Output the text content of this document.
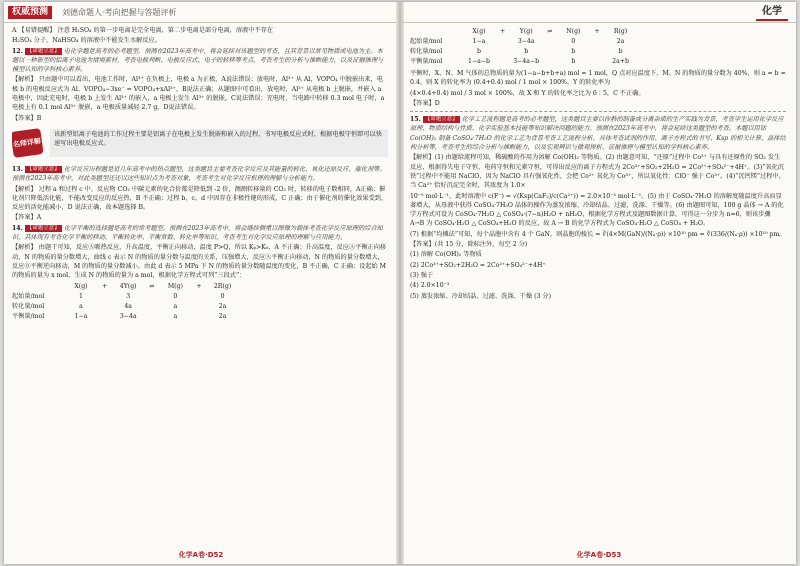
权威预测	刘德命题人·考向把握与答题评析

A 【易错提醒】 注意 H₂SO₄ 的第一步电离是完全电离，第二步电离是部分电离，溶液中不存在

H₂SO₄ 分子，NaHSO₄ 的溶液中不能发生水解反应。

12. 【命题立意】 电化学题是高考的必考题型。预测在2023年高考中，将会延续对该题型的考查，且其背景以常见物质或电池为主。本题以一种新型的铝离子电池为情境素材，考查电极判断、电极反应式、电子的转移等考点，考查考生的分析与推断能力，以及证据推理与模型认知的学科核心素养。

【解析】 只由题中可以看出，电池工作时，Al³⁺ 在负极上，电极 a 为正极，A说法错误；放电时，Al³⁺ 从 Al、VOPO₄ 中脱嵌出来，电极 b 的电极反应式为 Al、VOPO₄−3xe⁻ = VOPO₄+xAl³⁺，B说法正确；从题图中可看出，放电时，Al³⁺ 从电极 b 上脱嵌，并嵌入 a 电极中，因此充电时，电极 b 上发生 Al³⁺ 的嵌入，a 电极上发生 Al³⁺ 的脱嵌，C说法错误；充电时，当电路中转移 0.3 mol 电子时，a 电极上有 0.1 mol Al³⁺ 脱嵌，a 电极质量减轻 2.7 g，D说法错误。

【答案】B

名师详解
该新型铝离子电池的工作过程主要是铝离子在电极上发生脱嵌和嵌入的过程，书写电极反应式时，根据电极守恒即可以快速写出电极反应式。

13. 【命题立意】 化学反应历程题是近几年高考中的热点题型，这类题目主要考查化学反应及其能量的转化、氧化还原反应、催化剂等。预测在2023年高考中，对此类题型还还以这些知识点为考查对象，考查考生对化学反应机理的理解与分析能力。

【解析】 过程 a 和过程 c 中，反应物 CO₂ 中碳元素的化合价都是降低到 -2 价，测测转移量的 CO₂ 时，转移的电子数相同，A正确；催化剂只降低活化能，不能改变反应的反应热，B 不正确；过程 b、c、d 中因存在非极性键的形成，C 正确；由于催化剂的催化效果受到，反应的活化能减小，D 说法正确，故本题选择 B。

【答案】A

14. 【命题立意】 化学平衡的选择题是高考的常考题型。预测在2023年高考中，将会继续侧重以图像为载体考查化学反应原理的综合知识，其体现有考查化学平衡的移动、平衡转化率、平衡常数、转化率等知识，考查考生对化学反应原理的理解与应用能力。

【解析】 由题干可知，反应Ⓐ吸热反应，升高温度，平衡正向移动，温度 P>Q，所以 Kₚ>K₀，A 不正确；升高温度，反应Ⓐ平衡正向移动，N 的物质的量分数增大，曲线 c 表示 N 的物质的量分数与温度的关系，压强增大，反应Ⓐ平衡正向移动，N 的物质的量分数增大，反应Ⓑ平衡逆向移动，M 的物质的量分数减小，由此 d 表示 5 MPa 下 N 的物质的量分数随温度的变化，B 不正确，C 正确；设起始 M 的物质的量为 x mol，生成 N 的物质的量为 a mol，根据化学方程式可列“三段式”：

	X(g)	+	4Y(g)	⇌	M(g)	+	2R(g)
起始量/mol	1		3		0		0
转化量/mol	a		4a		a		2a
平衡量/mol	1−a		3−4a		a		2a
化学A卷·D52
化学
	X(g)	+	Y(g)	⇌	N(g)	+	R(g)
起始量/mol	1−a		3−4a		0		2a
转化量/mol	b		b		b		b
平衡量/mol	1−a−b		3−4a−b		b		2a+b

平衡时，X、N、M 气体的总物质的量为(1−a−b+b+a) mol = 1 mol，Q 点对应温度下，M、N 的物质的量分数为 40%，则 a = b = 0.4，则 X 的转化率为 (0.4+0.4) mol / 1 mol × 100%，Y 的转化率为

(4×0.4+0.4) mol / 3 mol × 100%，故 X 和 Y 的转化率之比为 6∶5，C 不正确。

【答案】D

15. 【命题立意】 化学工艺流程题是高考的必考题型，这类题目主要以你熟的制备或分离杂质的生产实践为背景，考查学生运用化学反应原理、物质结构与性质、化学实验基本技能等知识解决问题的能力。预测在2023年高考中，将会延续这类题型的考查。本题以用钴 Co(OH)₂ 制备 CoSO₄·7H₂O 的化学工艺为背景考查工艺流程分析、具体考查试剂的作用、离子方程式的书写、Ksp 的相关计算、晶体结构分析等，考查考生的综合分析与推断能力，以及宏观辨识与微观探析、证据推理与模型认知的学科核心素养。

【解析】(1) 由题给流程可知，稀硫酸的作用为溶解 Co(OH)₂ 等物质。(2) 由题意可知，“还原”过程中 Co³⁺ 与具有还原性的 SO₂ 发生反应，根据得失电子守恒、电荷守恒和元素守恒，可得出反应的离子方程式为 2Co³⁺+SO₂+2H₂O = 2Co²⁺+SO₄²⁻+4H⁺。(3)“氧化沉铁”过程中不能用 NaClO，因为 NaClO 具有强氧化性，会把 Co²⁺ 氧化为 Co³⁺，所以氧化性：ClO⁻ 强于 Co³⁺。(4)“沉钙镁”过程中，当 Ca²⁺ 恰好沉淀完全时，其浓度为 1.0×

10⁻⁵ mol·L⁻¹，此时溶液中 c(F⁻) = √(Ksp(CaF₂)/c(Ca²⁺)) = 2.0×10⁻³ mol·L⁻¹。(5) 由于 CoSO₄·7H₂O 的溶解度随温度升高而显著增大，从母液中获得 CoSO₄·7H₂O 晶体的操作为蒸发浓缩、冷却结晶、过滤、洗涤、干燥等。(6) 由题图可知，100 g 晶体 → A 的化学方程式可设为 CoSO₄·7H₂O △ CoSO₄·(7−n)H₂O + nH₂O，根据化学方程式及题图数据计算，可得这一分步为 n=6，则该步骤 A→B 为 CoSO₄·H₂O △ CoSO₄+H₂O 的反应，故 A → B 的化学方程式为 CoSO₄·H₂O △ CoSO₄ + H₂O。

(7) 根据“均摊法”可知，每个晶胞中含有 4 个 GaN，则晶胞的棱长 = ∛(4×M(GaN)/(Nₐ·ρ)) ×10¹⁰ pm = ∛(336/(Nₐ·ρ)) ×10¹⁰ pm。

【答案】(共 15 分，除标注外，每空 2 分)

(1) 溶解 Co(OH)₂ 等物质

(2) 2Co³⁺+SO₂+2H₂O = 2Co²⁺+SO₄²⁻+4H⁺

(3) 强于

(4) 2.0×10⁻³

(5) 蒸发浓缩、冷却结晶、过滤、洗涤、干燥 (3 分)

化学A卷·D53
